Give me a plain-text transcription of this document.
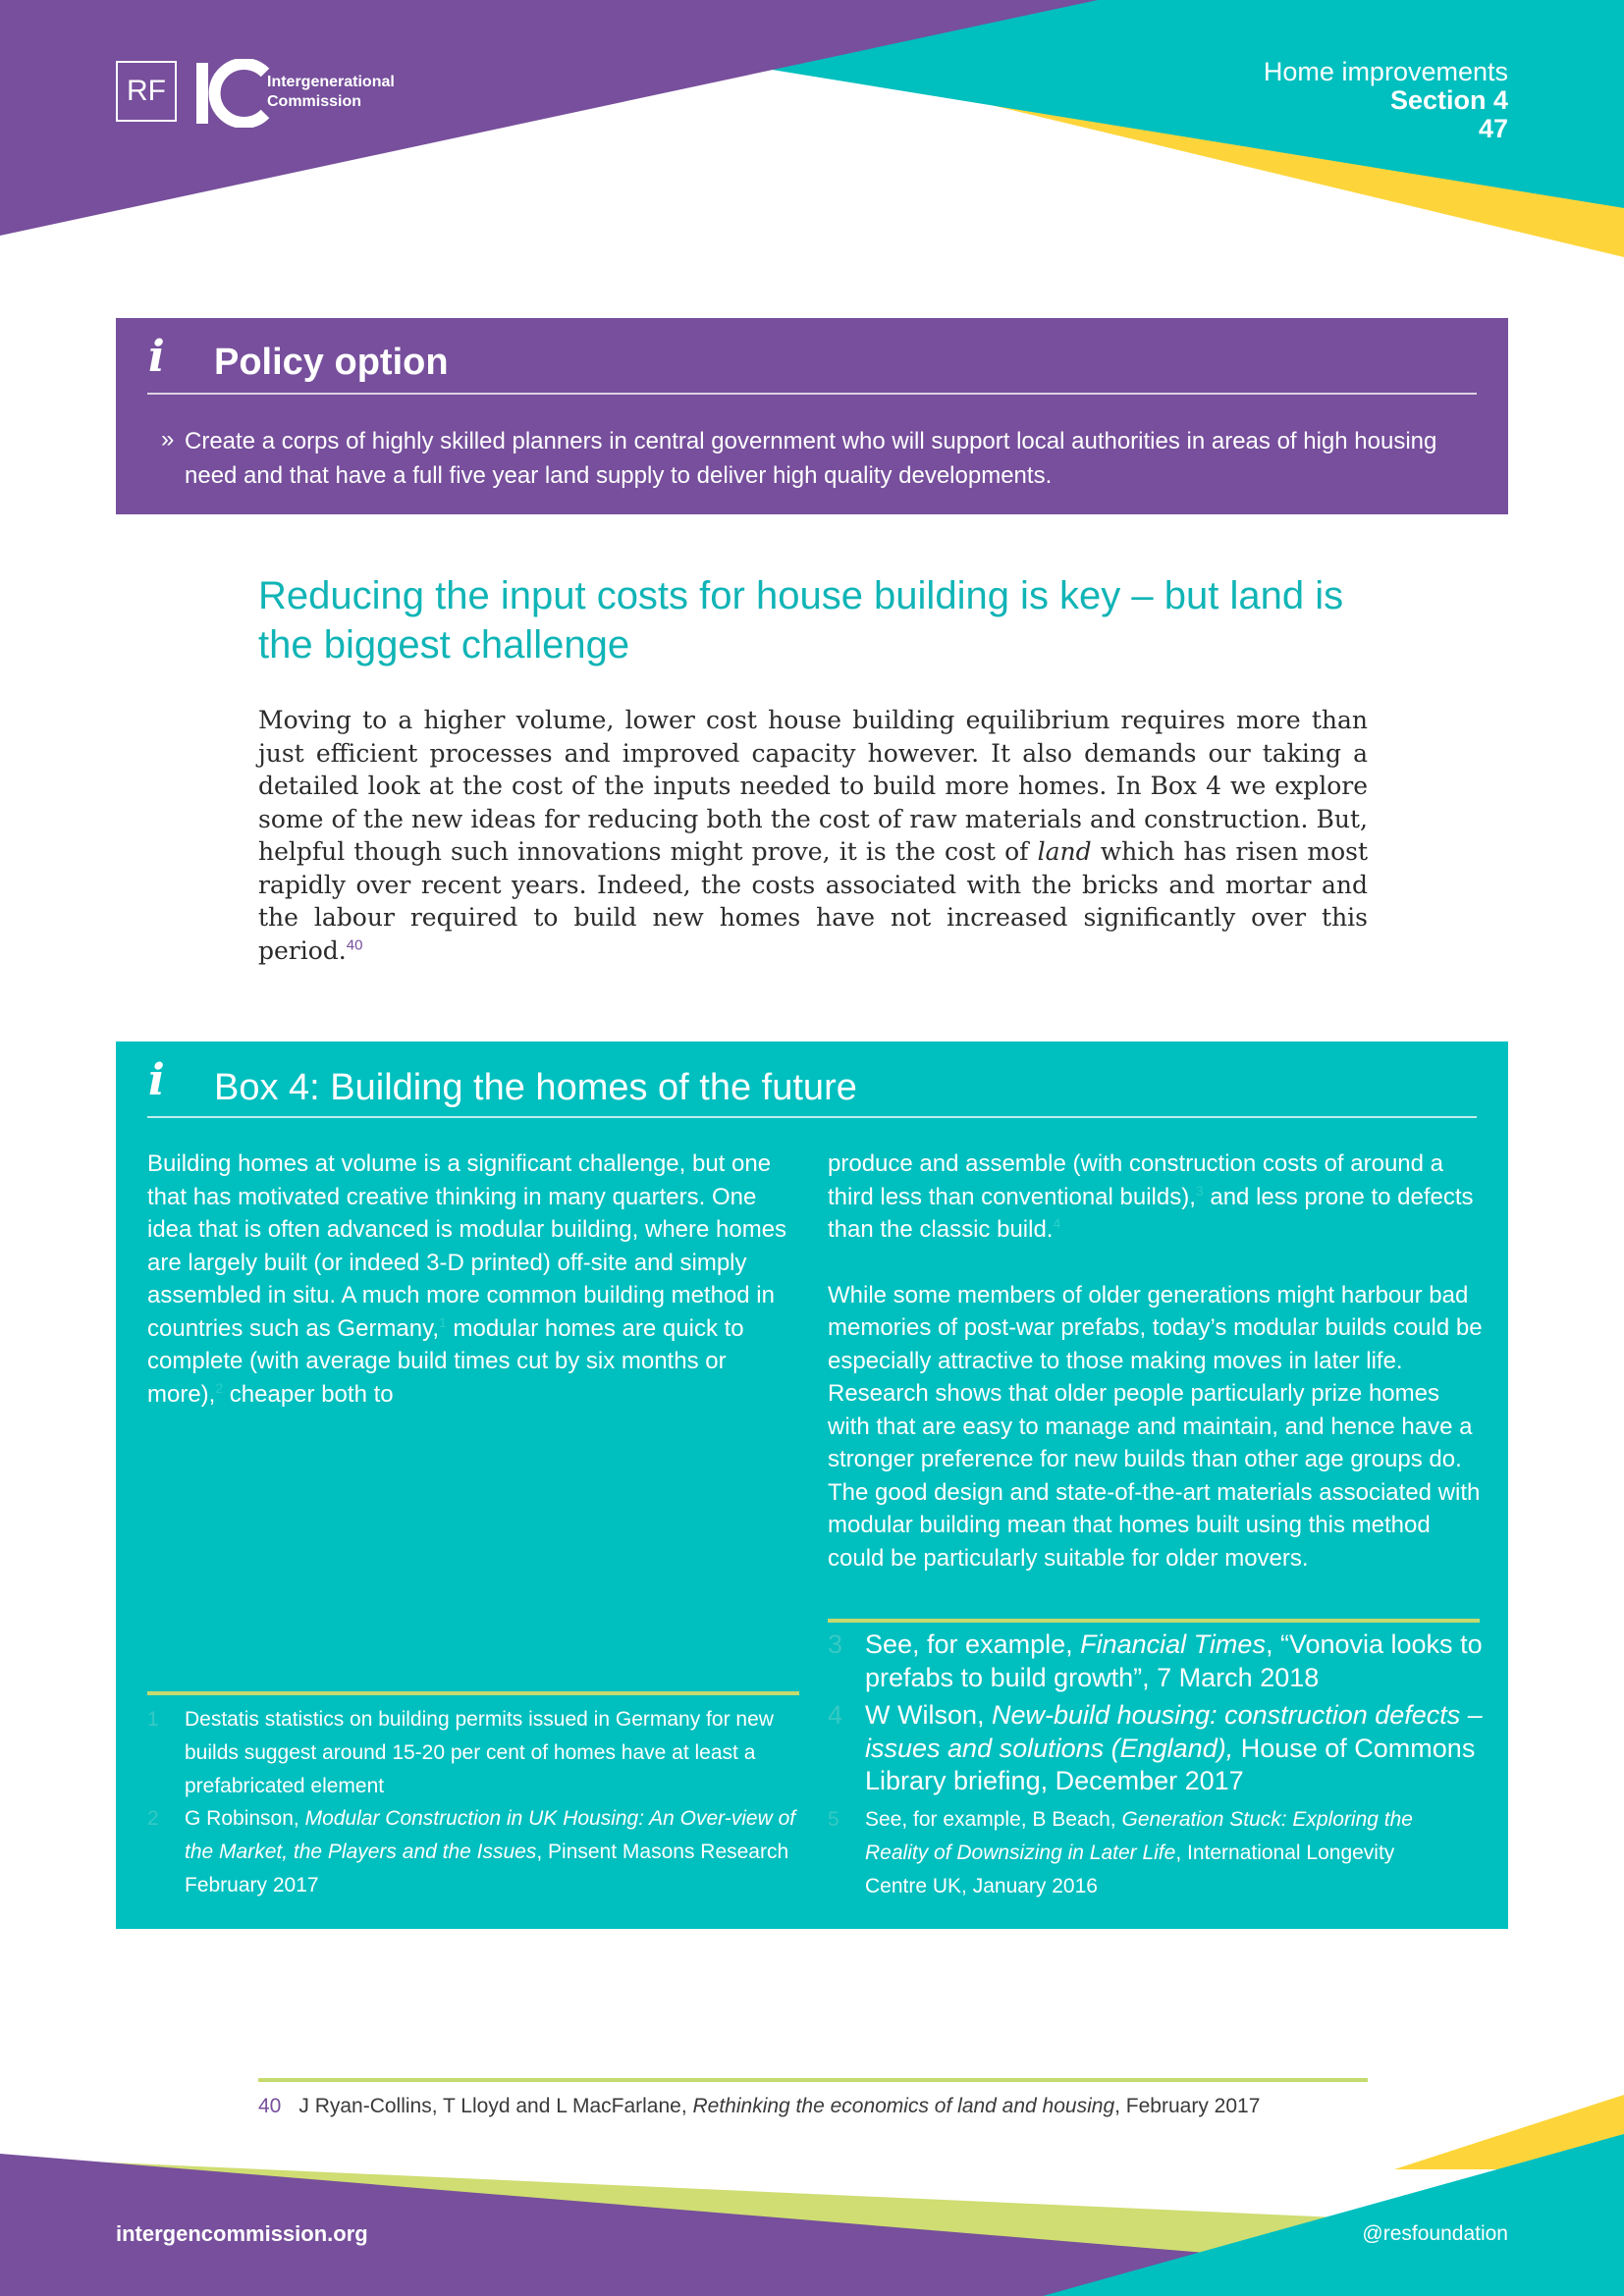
RF	Intergenerational
Commission
Home improvements
Section 4
47
i Policy option
» Create a corps of highly skilled planners in central government who will support local authorities in areas of high housing need and that have a full five year land supply to deliver high quality developments.
Reducing the input costs for house building is key – but land is the biggest challenge

Moving to a higher volume, lower cost house building equilibrium requires more than just efficient processes and improved capacity however. It also demands our taking a detailed look at the cost of the inputs needed to build more homes. In Box 4 we explore some of the new ideas for reducing both the cost of raw materials and construction. But, helpful though such innovations might prove, it is the cost of land which has risen most rapidly over recent years. Indeed, the costs associated with the bricks and mortar and the labour required to build new homes have not increased significantly over this period.$^{40}$

i Box 4: Building the homes of the future

Building homes at volume is a significant challenge, but one that has motivated creative thinking in many quarters. One idea that is often advanced is modular building, where homes are largely built (or indeed 3-D printed) off-site and simply assembled in situ. A much more common building method in countries such as Germany,$^1$ modular homes are quick to complete (with average build times cut by six months or more),$^2$ cheaper both to

produce and assemble (with construction costs of around a third less than conventional builds),$^3$ and less prone to defects than the classic build.$^4$

While some members of older generations might harbour bad memories of post-war prefabs, today’s modular builds could be especially attractive to those making moves in later life. Research shows that older people particularly prize homes with that are easy to manage and maintain, and hence have a stronger preference for new builds than other age groups do. The good design and state-of-the-art materials associated with modular building mean that homes built using this method could be particularly suitable for older movers.

1 Destatis statistics on building permits issued in Germany for new builds suggest around 15-20 per cent of homes have at least a prefabricated element
2 G Robinson, Modular Construction in UK Housing: An Over-view of the Market, the Players and the Issues, Pinsent Masons Research February 2017
3 See, for example, Financial Times, “Vonovia looks to prefabs to build growth”, 7 March 2018
4 W Wilson, New-build housing: construction defects – issues and solutions (England), House of Commons Library briefing, December 2017
5 See, for example, B Beach, Generation Stuck: Exploring the Reality of Downsizing in Later Life, International Longevity Centre UK, January 2016
40 J Ryan-Collins, T Lloyd and L MacFarlane, Rethinking the economics of land and housing, February 2017
intergencommission.org	@resfoundation
